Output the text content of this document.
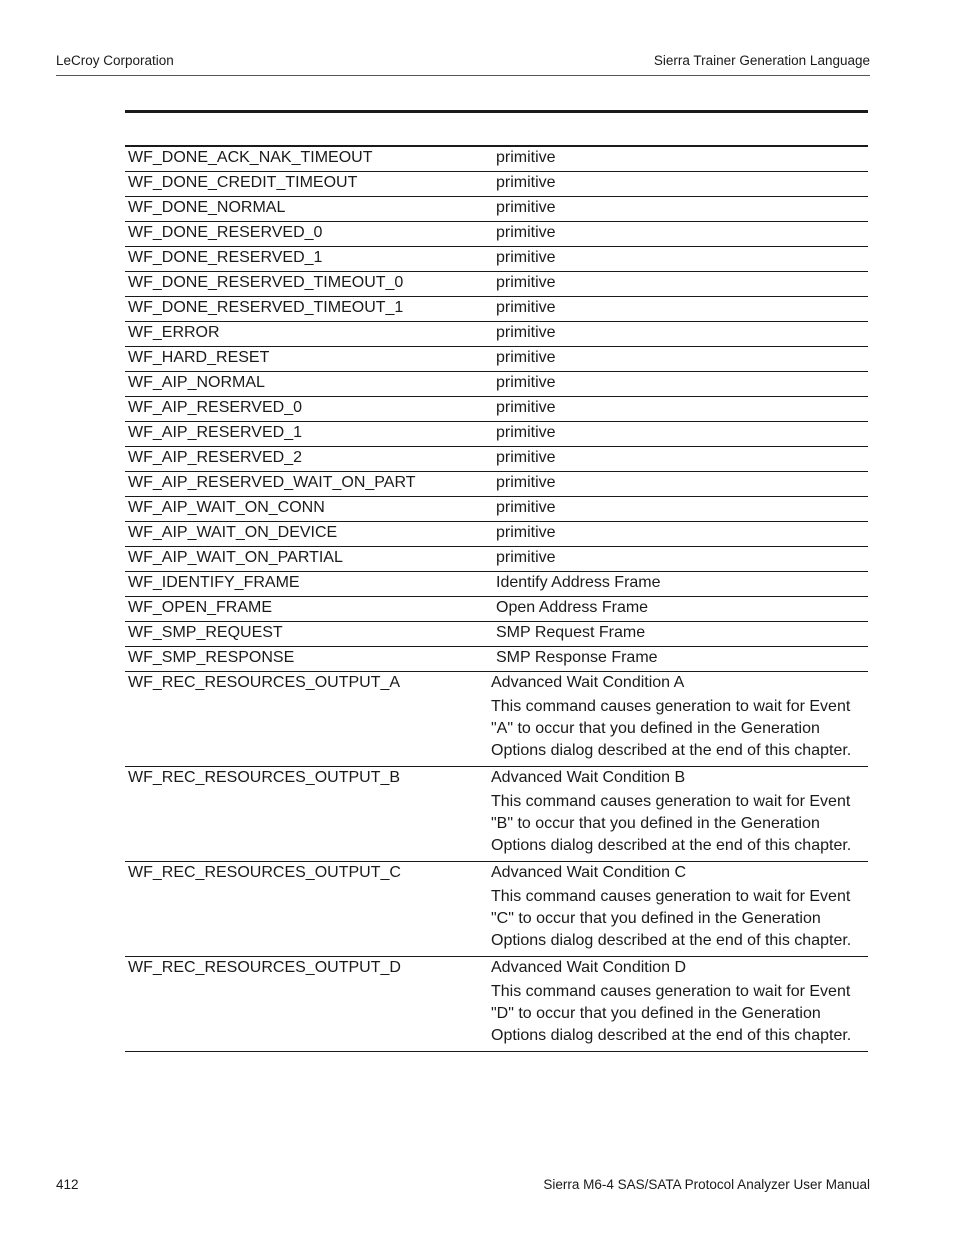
LeCroy Corporation	Sierra Trainer Generation Language
WF_DONE_ACK_NAK_TIMEOUT	primitive
WF_DONE_CREDIT_TIMEOUT	primitive
WF_DONE_NORMAL	primitive
WF_DONE_RESERVED_0	primitive
WF_DONE_RESERVED_1	primitive
WF_DONE_RESERVED_TIMEOUT_0	primitive
WF_DONE_RESERVED_TIMEOUT_1	primitive
WF_ERROR	primitive
WF_HARD_RESET	primitive
WF_AIP_NORMAL	primitive
WF_AIP_RESERVED_0	primitive
WF_AIP_RESERVED_1	primitive
WF_AIP_RESERVED_2	primitive
WF_AIP_RESERVED_WAIT_ON_PART	primitive
WF_AIP_WAIT_ON_CONN	primitive
WF_AIP_WAIT_ON_DEVICE	primitive
WF_AIP_WAIT_ON_PARTIAL	primitive
WF_IDENTIFY_FRAME	Identify Address Frame
WF_OPEN_FRAME	Open Address Frame
WF_SMP_REQUEST	SMP Request Frame
WF_SMP_RESPONSE	SMP Response Frame
WF_REC_RESOURCES_OUTPUT_A	Advanced Wait Condition A
This command causes generation to wait for Event "A" to occur that you defined in the Generation Options dialog described at the end of this chapter.

WF_REC_RESOURCES_OUTPUT_B	Advanced Wait Condition B
This command causes generation to wait for Event "B" to occur that you defined in the Generation Options dialog described at the end of this chapter.

WF_REC_RESOURCES_OUTPUT_C	Advanced Wait Condition C
This command causes generation to wait for Event "C" to occur that you defined in the Generation Options dialog described at the end of this chapter.

WF_REC_RESOURCES_OUTPUT_D	Advanced Wait Condition D
This command causes generation to wait for Event "D" to occur that you defined in the Generation Options dialog described at the end of this chapter.
412	Sierra M6-4 SAS/SATA Protocol Analyzer User Manual
